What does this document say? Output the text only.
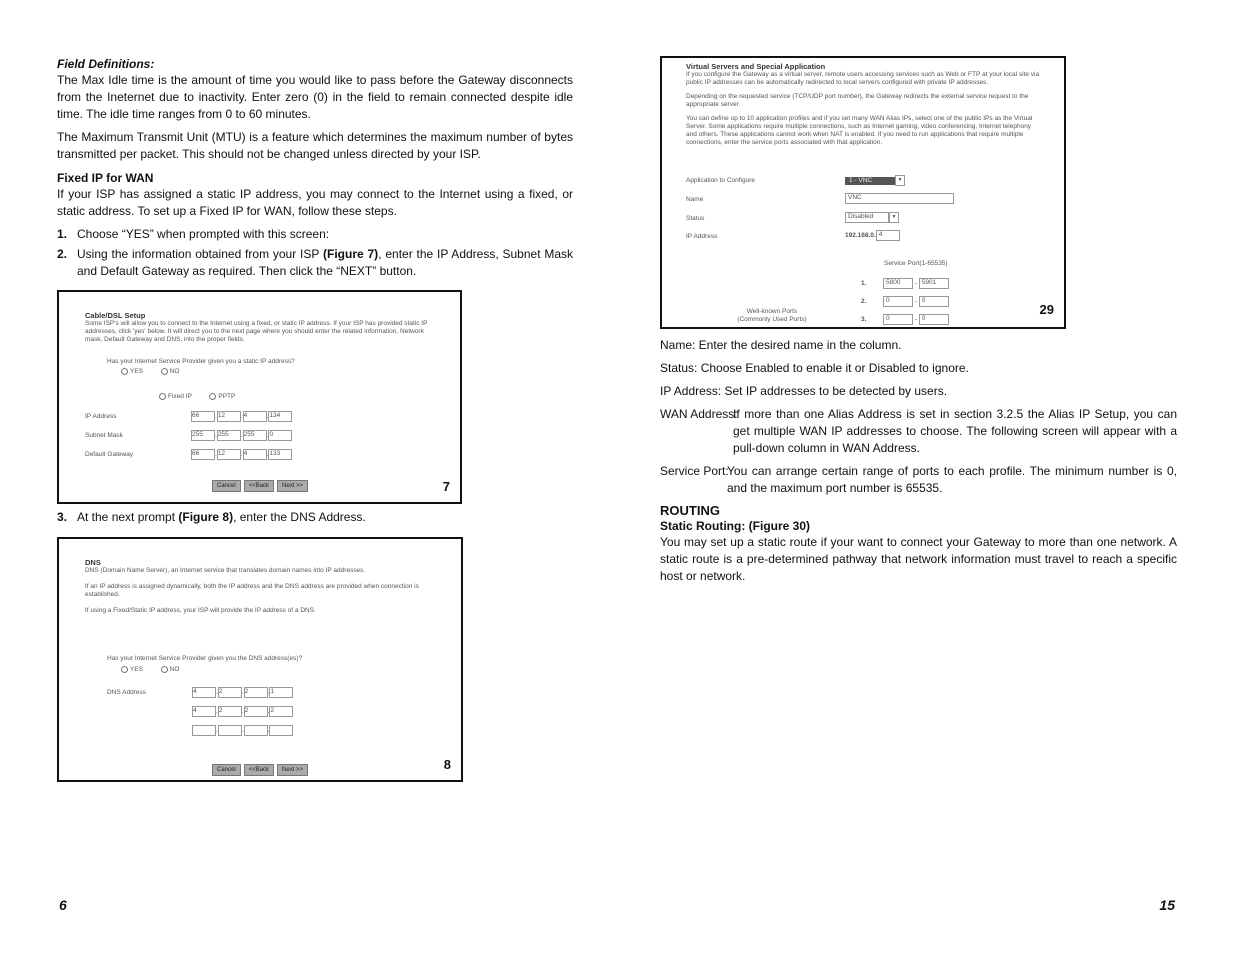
Field Definitions:

The Max Idle time is the amount of time you would like to pass before the Gateway disconnects from the Ineternet due to inactivity. Enter zero (0) in the field to remain connected despite idle time. The idle time ranges from 0 to 60 minutes.

The Maximum Transmit Unit (MTU) is a feature which determines the maximum number of bytes transmitted per packet. This should not be changed unless directed by your ISP.

Fixed IP for WAN

If your ISP has assigned a static IP address, you may connect to the Internet using a fixed, or static address. To set up a Fixed IP for WAN, follow these steps.

1. Choose “YES” when prompted with this screen:
2. Using the information obtained from your ISP (Figure 7), enter the IP Address, Subnet Mask and Default Gateway as required. Then click the “NEXT” button.
Cable/DSL Setup
Some ISP's will allow you to connect to the Internet using a fixed, or static IP address. If your ISP has provided static IP addresses, click 'yes' below. It will direct you to the next page where you should enter the related information, Network mask, Default Gateway and DNS, into the proper fields.
Has your Internet Service Provider given you a static IP address?
YES	NO
Fixed IP	PPTP
IP Address	66	12	4	134
Subnet Mask	255 255 255 0
Default Gateway	66	12	4	133
Cancel <<Back Next >>	7
3. At the next prompt (Figure 8), enter the DNS Address.
DNS
DNS (Domain Name Server), an Internet service that translates domain names into IP addresses.
If an IP address is assigned dynamically, both the IP address and the DNS address are provided when connection is established.
If using a Fixed/Static IP address, your ISP will provide the IP address of a DNS.
Has your Internet Service Provider given you the DNS address(es)?
YES	NO
DNS Address	4	2	2	1
4	2	2	2
Cancel <<Back Next >>	8
6
Virtual Servers and Special Application
If you configure the Gateway as a virtual server, remote users accessing services such as Web or FTP at your local site via public IP addresses can be automatically redirected to local servers configured with private IP addresses.
Depending on the requested service (TCP/UDP port number), the Gateway redirects the external service request to the appropriate server.
You can define up to 10 application profiles and if you set many WAN Alias IPs, select one of the public IPs as the Virtual Server. Some applications require multiple connections, such as Internet gaming, video conferencing, Internet telephony and others. These applications cannot work when NAT is enabled. If you need to run applications that require multiple connections, enter the service ports associated with that application.
Application to Configure	1 - VNC	▼
Name	VNC
Status	Disabled	▼
IP Address	192.168.0. 4
Service Port(1-65535)
1.	5800 - 5901
2.	0	- 0
3.	0	- 0
Well-known Ports
(Commonly Used Ports)
29

Name: Enter the desired name in the column.

Status: Choose Enabled to enable it or Disabled to ignore.

IP Address: Set IP addresses to be detected by users.

WAN Address:
If more than one Alias Address is set in section 3.2.5 the Alias IP Setup, you can get multiple WAN IP addresses to choose. The following screen will appear with a pull-down column in WAN Address.
Service Port:
You can arrange certain range of ports to each profile. The minimum number is 0, and the maximum port number is 65535.
ROUTING
Static Routing: (Figure 30)

You may set up a static route if your want to connect your Gateway to more than one network. A static route is a pre-determined pathway that network information must travel to reach a specific host or network.

15
